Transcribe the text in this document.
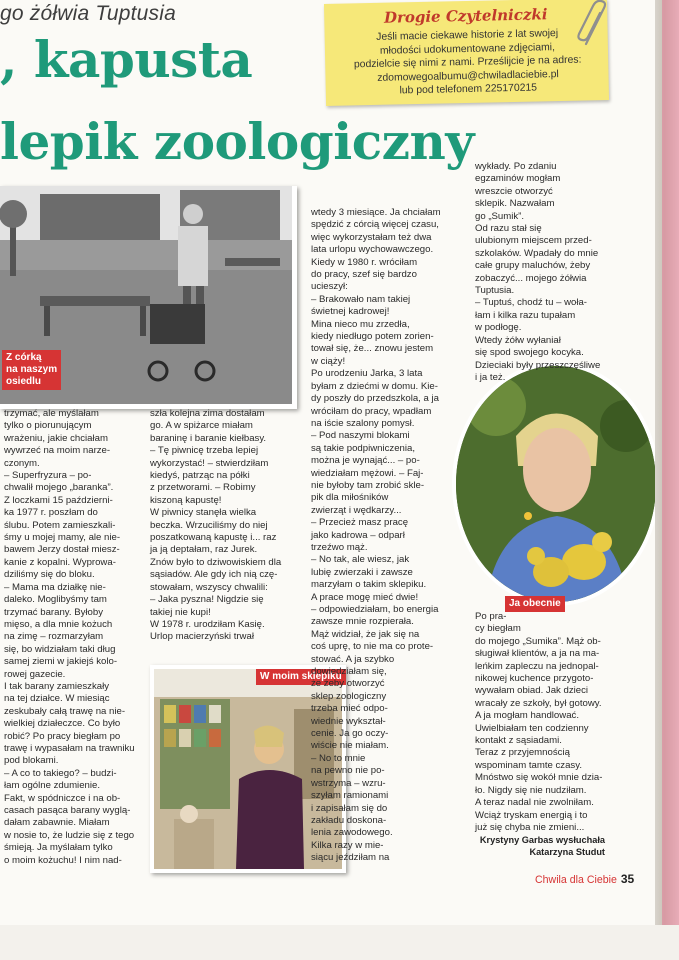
go żółwia Tuptusia
, kapusta
lepik zoologiczny
Drogie Czytelniczki
Jeśli macie ciekawe historie z lat swojej
młodości udokumentowane zdjęciami,
podzielcie się nimi z nami. Prześlijcie je na adres:
zdomowegoalbumu@chwiladlaciebie.pl
lub pod telefonem 225170215
Z córką
na naszym
osiedlu
W moim sklepiku
Ja obecnie
trzymać, ale myślałam
tylko o piorunującym
wrażeniu, jakie chciałam
wywrzeć na moim narze-
czonym.
– Superfryzura – po-
chwalił mojego „baranka”.
Z loczkami 15 październi-
ka 1977 r. poszłam do
ślubu. Potem zamieszkali-
śmy u mojej mamy, ale nie-
bawem Jerzy dostał miesz-
kanie z kopalni. Wyprowa-
dziliśmy się do bloku.
– Mama ma działkę nie-
daleko. Moglibyśmy tam
trzymać barany. Byłoby
mięso, a dla mnie kożuch
na zimę – rozmarzyłam
się, bo widziałam taki dług
samej ziemi w jakiejś kolo-
rowej gazecie.
I tak barany zamieszkały
na tej działce. W miesiąc
zeskubały całą trawę na nie-
wielkiej działeczce. Co było
robić? Po pracy biegłam po
trawę i wypasałam na trawniku
pod blokami.
– A co to takiego? – budzi-
łam ogólne zdumienie.
Fakt, w spódniczce i na ob-
casach pasąca barany wyglą-
dałam zabawnie. Miałam
w nosie to, że ludzie się z tego
śmieją. Ja myślałam tylko
o moim kożuchu! I nim nad-
szła kolejna zima dostałam
go. A w spiżarce miałam
baraninę i baranie kiełbasy.
– Tę piwnicę trzeba lepiej
wykorzystać! – stwierdziłam
kiedyś, patrząc na półki
z przetworami. – Robimy
kiszoną kapustę!
W piwnicy stanęła wielka
beczka. Wrzuciliśmy do niej
poszatkowaną kapustę i... raz
ja ją deptałam, raz Jurek.
Znów było to dziwowiskiem dla
sąsiadów. Ale gdy ich nią czę-
stowałam, wszyscy chwalili:
– Jaka pyszna! Nigdzie się
takiej nie kupi!
W 1978 r. urodziłam Kasię.
Urlop macierzyński trwał
wtedy 3 miesiące. Ja chciałam
spędzić z córcią więcej czasu,
więc wykorzystałam też dwa
lata urlopu wychowawczego.
Kiedy w 1980 r. wróciłam
do pracy, szef się bardzo
ucieszył:
– Brakowało nam takiej
świetnej kadrowej!
Mina nieco mu zrzedła,
kiedy niedługo potem zorien-
tował się, że... znowu jestem
w ciąży!
Po urodzeniu Jarka, 3 lata
byłam z dziećmi w domu. Kie-
dy poszły do przedszkola, a ja
wróciłam do pracy, wpadłam
na iście szalony pomysł.
– Pod naszymi blokami
są takie podpiwniczenia,
można je wynająć... – po-
wiedziałam mężowi. – Faj-
nie byłoby tam zrobić skle-
pik dla miłośników
zwierząt i wędkarzy...
– Przecież masz pracę
jako kadrowa – odparł
trzeźwo mąż.
– No tak, ale wiesz, jak
lubię zwierzaki i zawsze
marzyłam o takim sklepiku.
A prace mogę mieć dwie!
– odpowiedziałam, bo energia
zawsze mnie rozpierała.
Mąż widział, że jak się na
coś uprę, to nie ma co prote-
stować. A ja szybko
dowiedziałam się,
że żeby otworzyć
sklep zoologiczny
trzeba mieć odpo-
wiednie wykształ-
cenie. Ja go oczy-
wiście nie miałam.
– No to mnie
na pewno nie po-
wstrzyma – wzru-
szyłam ramionami
i zapisałam się do
zakładu doskona-
lenia zawodowego.
Kilka razy w mie-
siącu jeździłam na
wykłady. Po zdaniu
egzaminów mogłam
wreszcie otworzyć
sklepik. Nazwałam
go „Sumik”.
Od razu stał się
ulubionym miejscem przed-
szkolaków. Wpadały do mnie
całe grupy maluchów, żeby
zobaczyć... mojego żółwia
Tuptusia.
– Tuptuś, chodź tu – woła-
łam i kilka razu tupałam
w podłogę.
Wtedy żółw wyłaniał
się spod swojego kocyka.
Dzieciaki były przeszczęśliwe
i ja też.
Po pra-
cy biegłam
do mojego „Sumika”. Mąż ob-
sługiwał klientów, a ja na ma-
leńkim zapleczu na jednopal-
nikowej kuchence przygoto-
wywałam obiad. Jak dzieci
wracały ze szkoły, był gotowy.
A ja mogłam handlować.
Uwielbiałam ten codzienny
kontakt z sąsiadami.
Teraz z przyjemnością
wspominam tamte czasy.
Mnóstwo się wokół mnie dzia-
ło. Nigdy się nie nudziłam.
A teraz nadal nie zwolniłam.
Wciąż tryskam energią i to
już się chyba nie zmieni...
Krystyny Garbas wysłuchała
Katarzyna Studut
Chwila dla Ciebie 35
